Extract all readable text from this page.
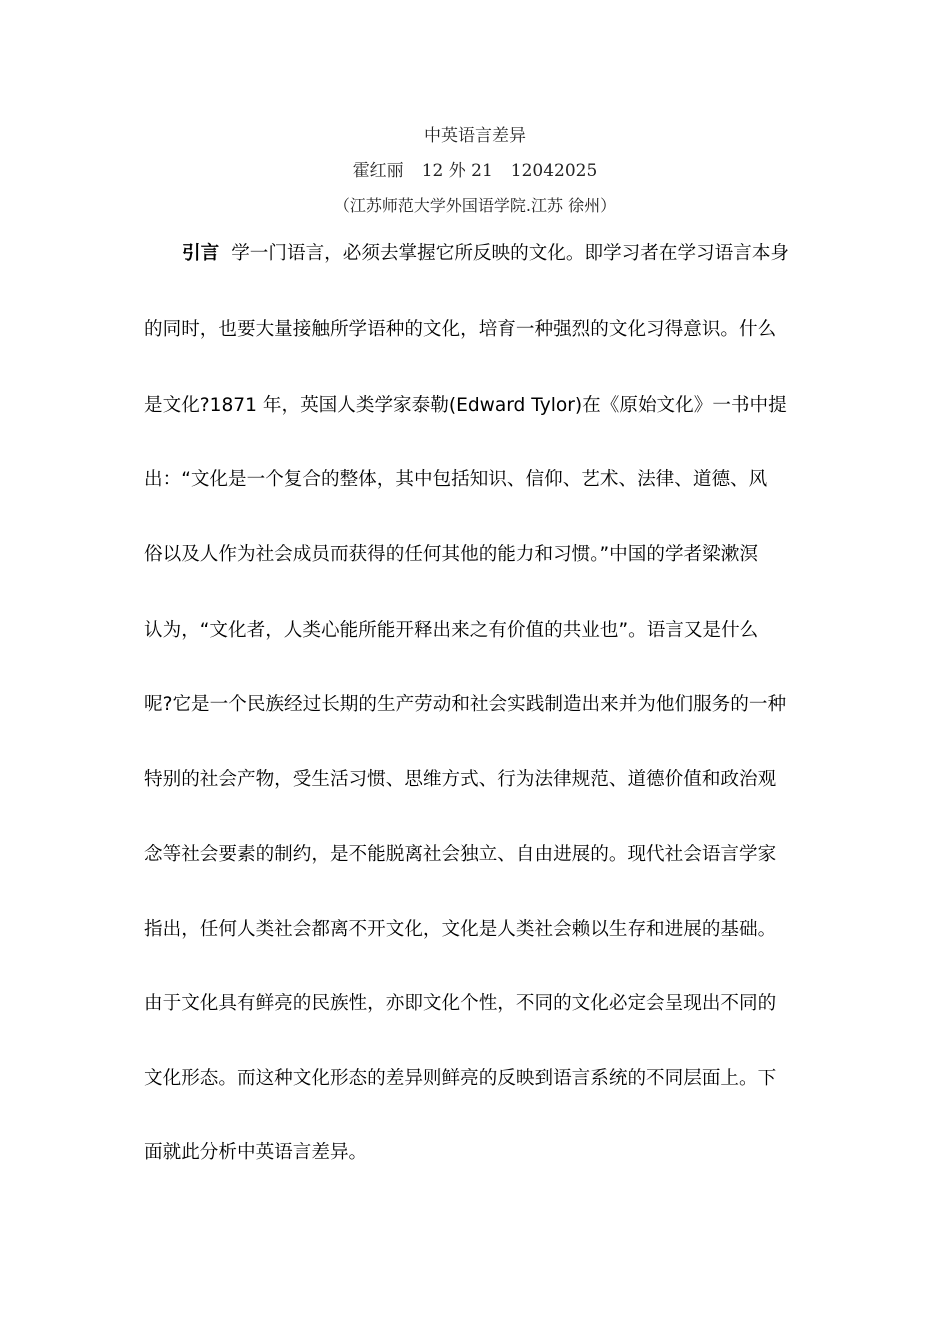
中英语言差异
霍红丽 12 外 21 12042025
（江苏师范大学外国语学院.江苏 徐州）
引言 学一门语言，必须去掌握它所反映的文化。即学习者在学习语言本身
的同时，也要大量接触所学语种的文化，培育一种强烈的文化习得意识。什么
是文化?1871 年，英国人类学家泰勒(Edward Tylor)在《原始文化》一书中提
出：“文化是一个复合的整体，其中包括知识、信仰、艺术、法律、道德、风
俗以及人作为社会成员而获得的任何其他的能力和习惯。”中国的学者梁漱溟
认为，“文化者，人类心能所能开释出来之有价值的共业也”。语言又是什么
呢?它是一个民族经过长期的生产劳动和社会实践制造出来并为他们服务的一种
特别的社会产物，受生活习惯、思维方式、行为法律规范、道德价值和政治观
念等社会要素的制约，是不能脱离社会独立、自由进展的。现代社会语言学家
指出，任何人类社会都离不开文化，文化是人类社会赖以生存和进展的基础。
由于文化具有鲜亮的民族性，亦即文化个性，不同的文化必定会呈现出不同的
文化形态。而这种文化形态的差异则鲜亮的反映到语言系统的不同层面上。下
面就此分析中英语言差异。
